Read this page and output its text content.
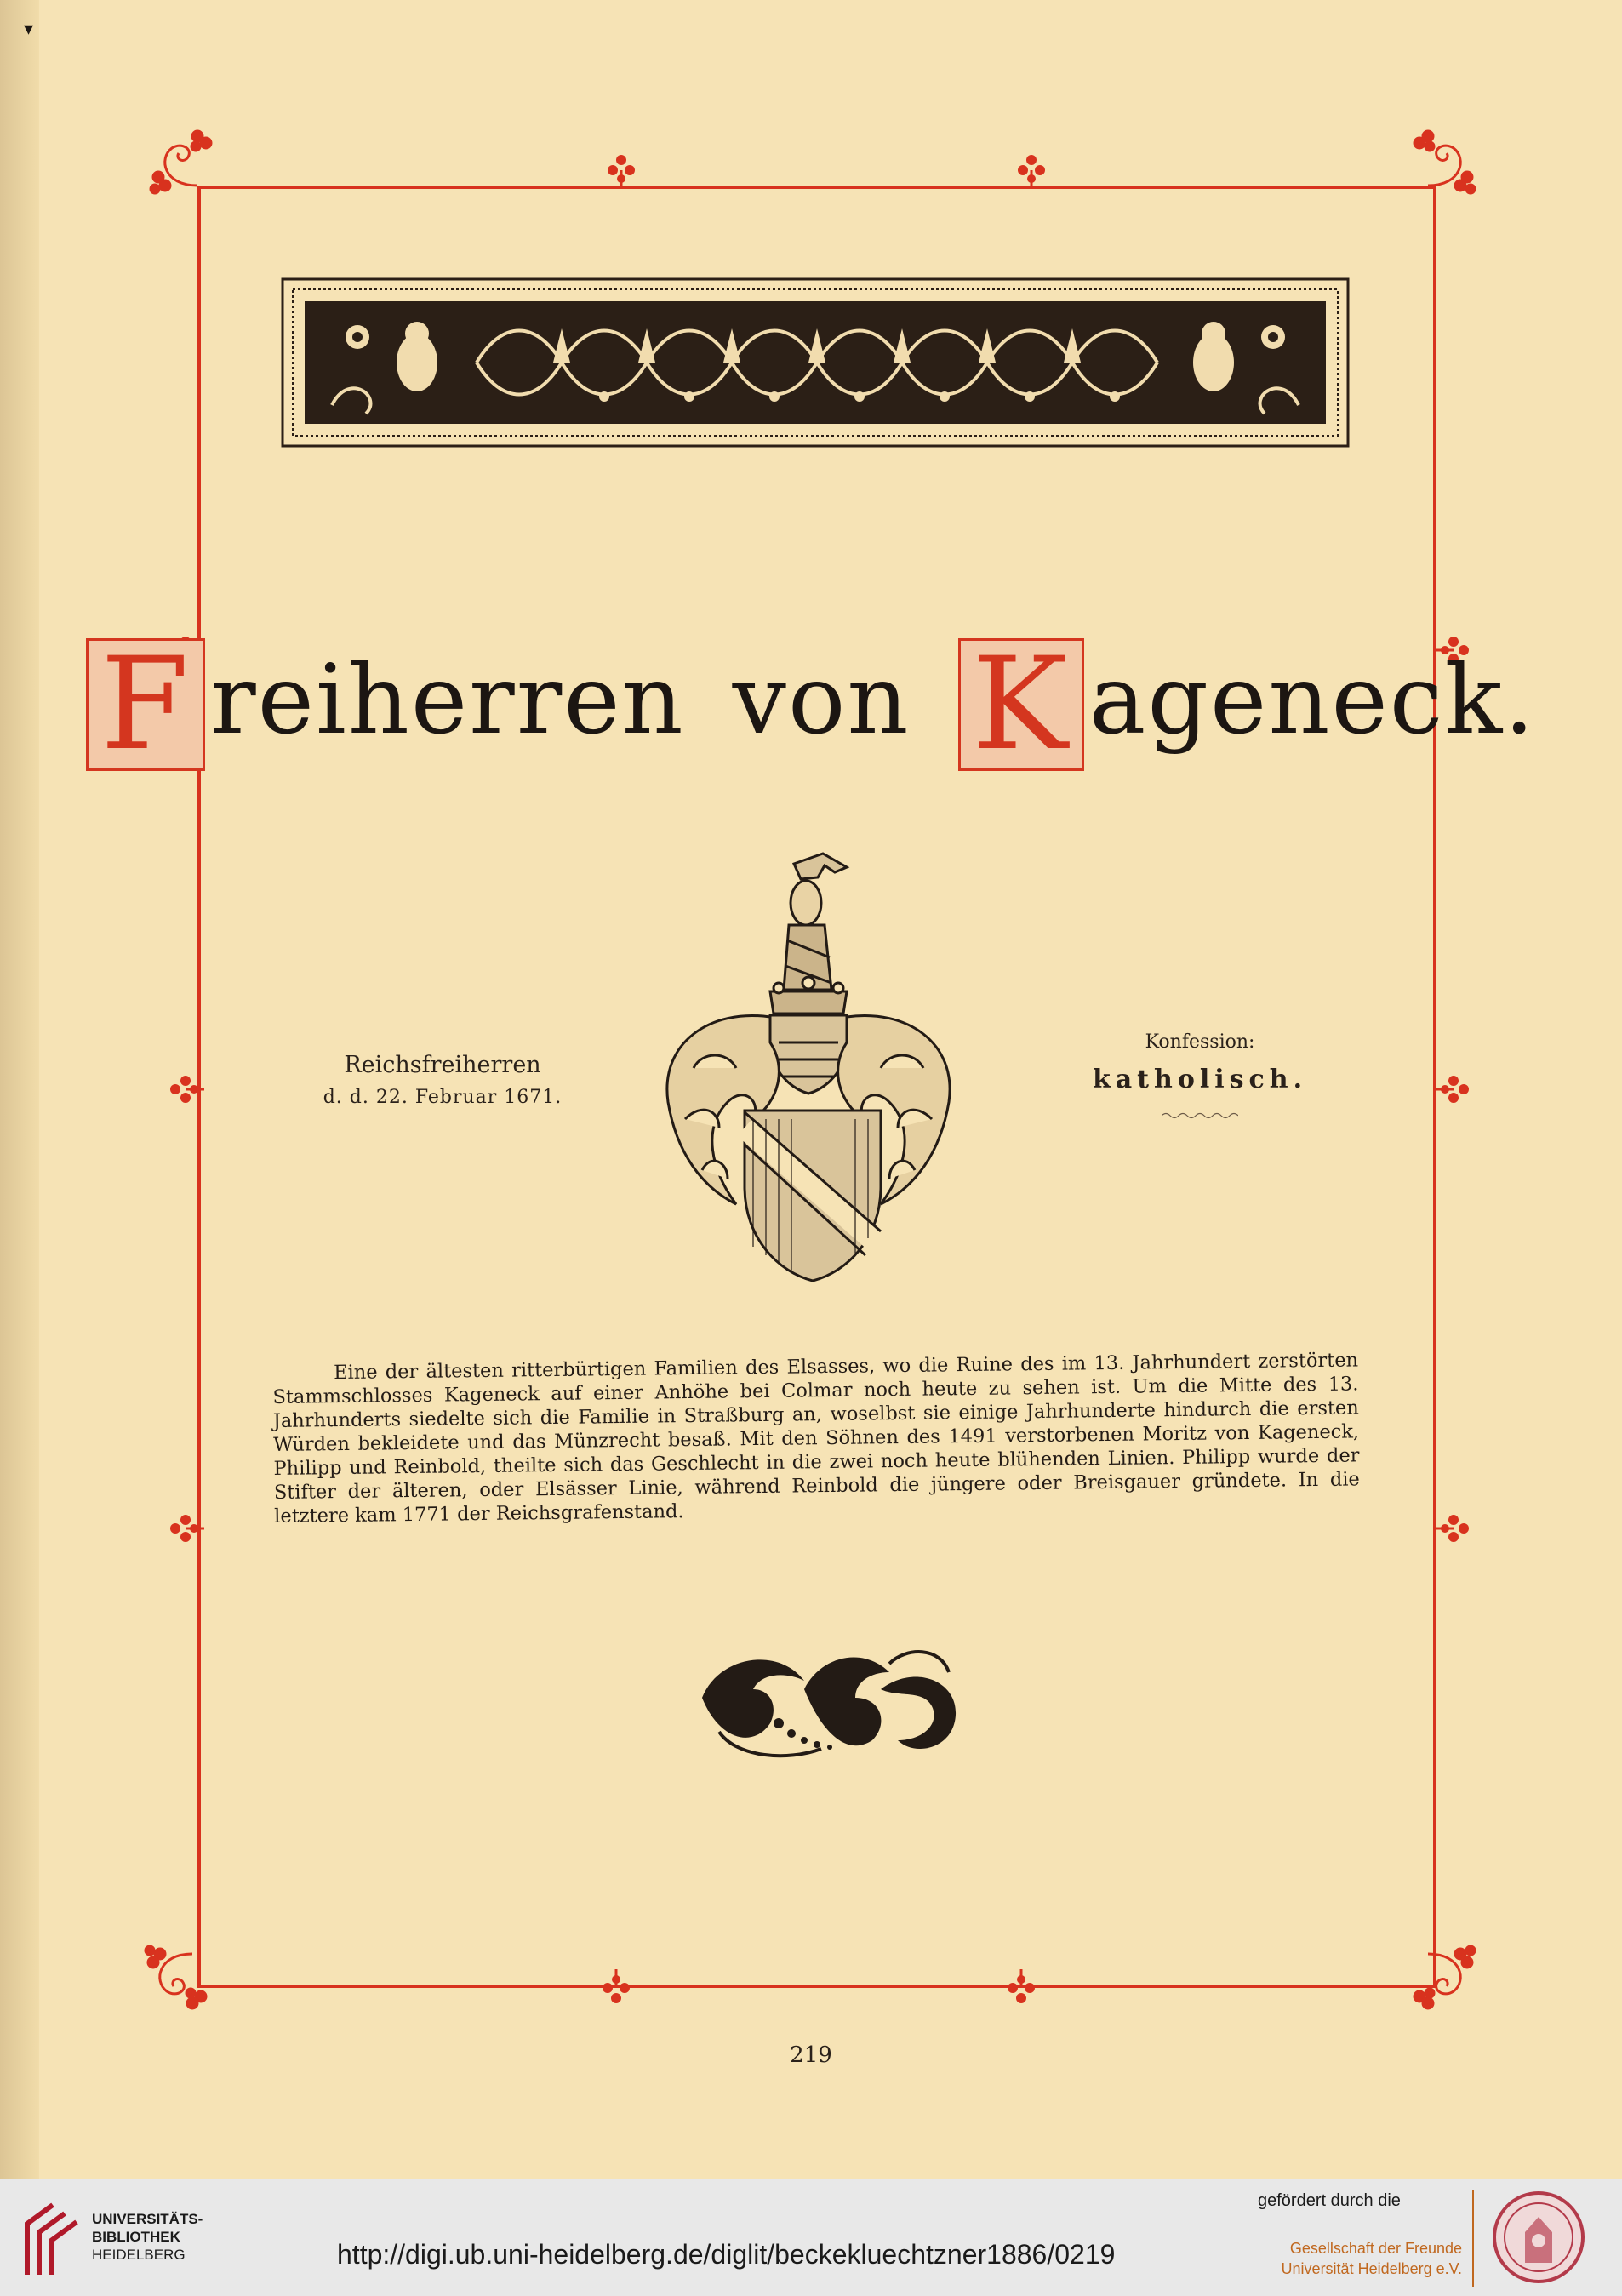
▾
F reiherren von K ageneck.
Reichsfreiherren
d. d. 22. Februar 1671.
Konfession:
katholisch.
Eine der ältesten ritterbürtigen Familien des Elsasses, wo die Ruine des im 13. Jahrhundert zerstörten Stammschlosses Kageneck auf einer Anhöhe bei Colmar noch heute zu sehen ist. Um die Mitte des 13. Jahrhunderts siedelte sich die Familie in Straßburg an, woselbst sie einige Jahrhunderte hindurch die ersten Würden bekleidete und das Münzrecht besaß. Mit den Söhnen des 1491 verstorbenen Moritz von Kageneck, Philipp und Reinbold, theilte sich das Geschlecht in die zwei noch heute blühenden Linien. Philipp wurde der Stifter der älteren, oder Elsässer Linie, während Reinbold die jüngere oder Breisgauer gründete. In die letztere kam 1771 der Reichsgrafenstand.
219
UNIVERSITÄTS-
BIBLIOTHEK
HEIDELBERG	http://digi.ub.uni-heidelberg.de/diglit/beckekluechtzner1886/0219
gefördert durch die
Gesellschaft der Freunde
Universität Heidelberg e.V.
